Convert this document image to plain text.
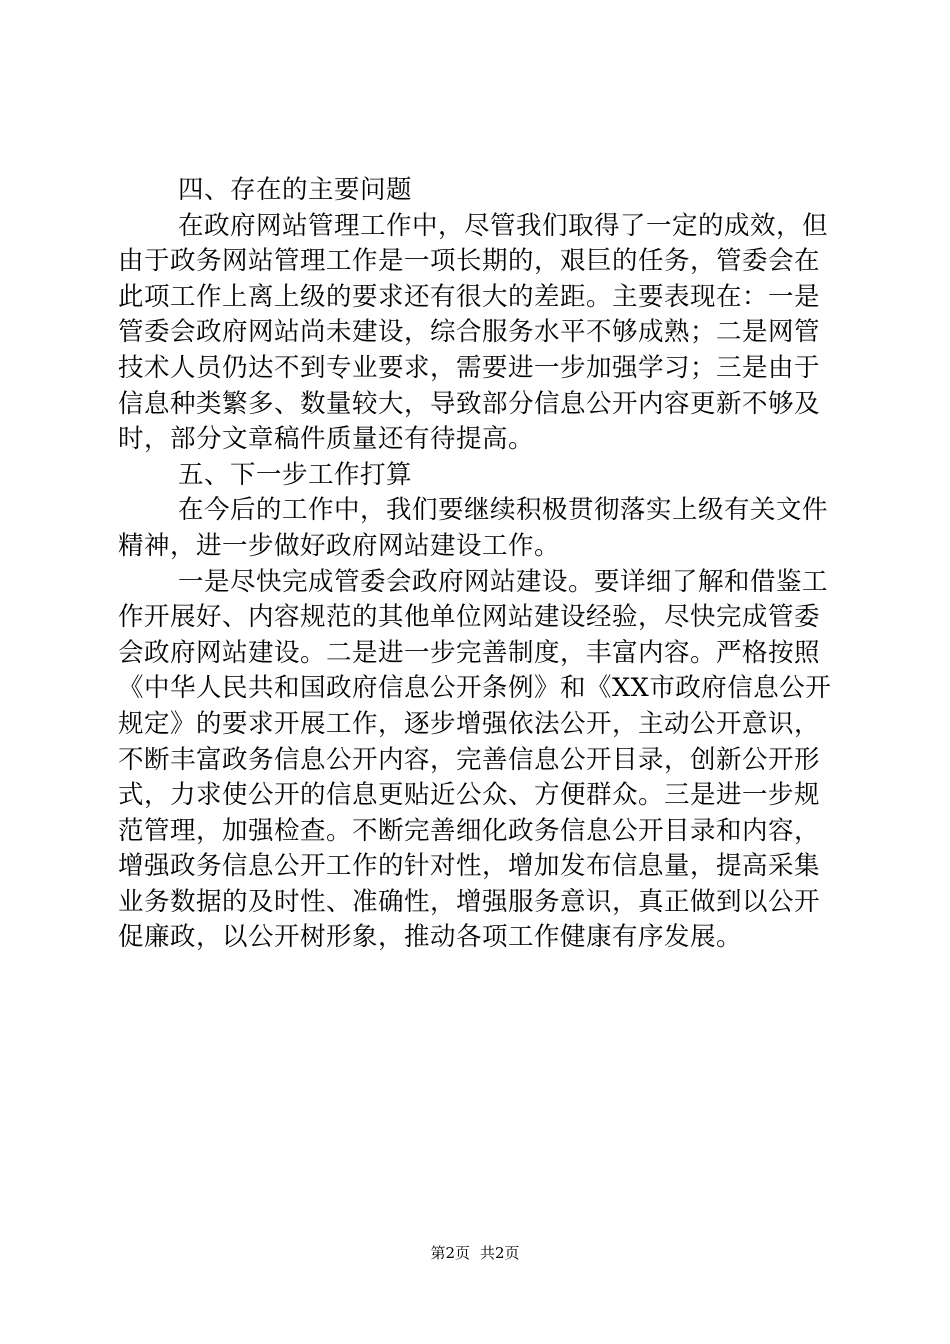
四、存在的主要问题
在政府网站管理工作中，尽管我们取得了一定的成效，但
由于政务网站管理工作是一项长期的，艰巨的任务，管委会在
此项工作上离上级的要求还有很大的差距。主要表现在：一是
管委会政府网站尚未建设，综合服务水平不够成熟；二是网管
技术人员仍达不到专业要求，需要进一步加强学习；三是由于
信息种类繁多、数量较大，导致部分信息公开内容更新不够及
时，部分文章稿件质量还有待提高。
五、下一步工作打算
在今后的工作中，我们要继续积极贯彻落实上级有关文件
精神，进一步做好政府网站建设工作。
一是尽快完成管委会政府网站建设。要详细了解和借鉴工
作开展好、内容规范的其他单位网站建设经验，尽快完成管委
会政府网站建设。二是进一步完善制度，丰富内容。严格按照
《中华人民共和国政府信息公开条例》和《XX市政府信息公开
规定》的要求开展工作，逐步增强依法公开，主动公开意识，
不断丰富政务信息公开内容，完善信息公开目录，创新公开形
式，力求使公开的信息更贴近公众、方便群众。三是进一步规
范管理，加强检查。不断完善细化政务信息公开目录和内容，
增强政务信息公开工作的针对性，增加发布信息量，提高采集
业务数据的及时性、准确性，增强服务意识，真正做到以公开
促廉政，以公开树形象，推动各项工作健康有序发展。
第2页 共2页
